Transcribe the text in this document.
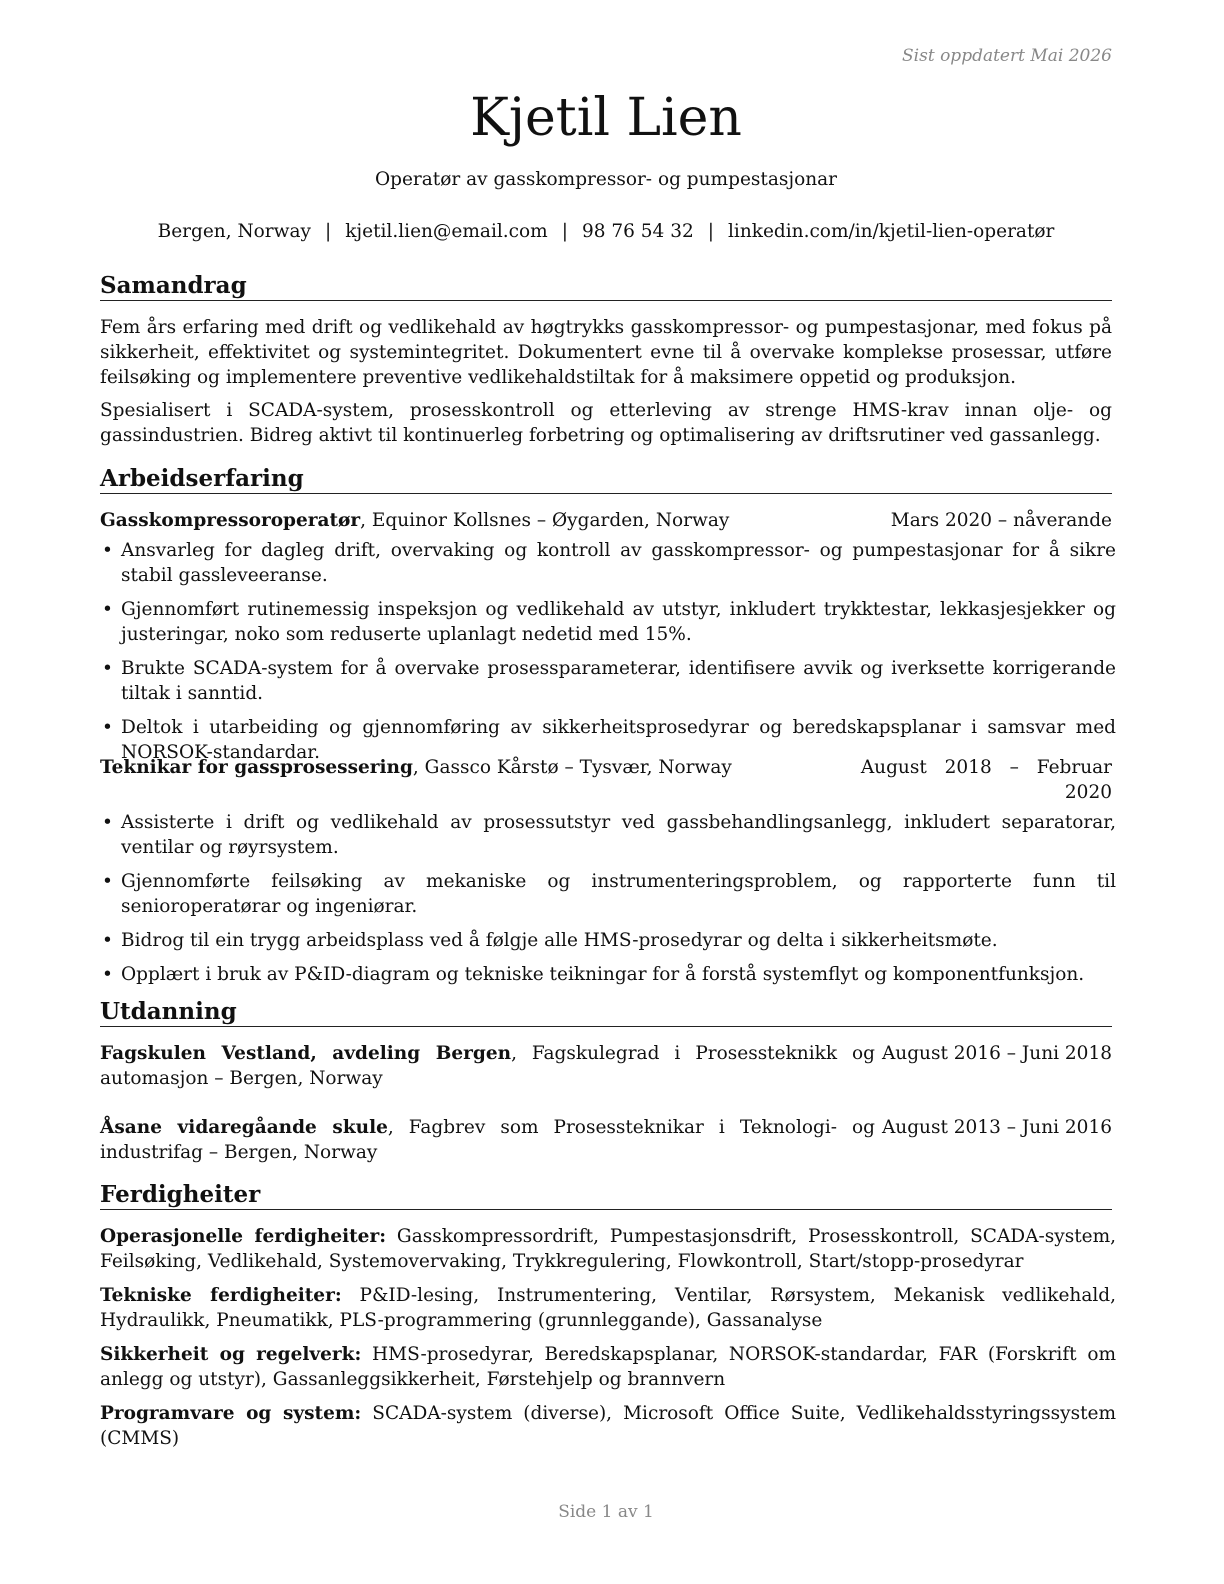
Sist oppdatert Mai 2026
Kjetil Lien
Operatør av gasskompressor- og pumpestasjonar
Bergen, Norway | kjetil.lien@email.com | 98 76 54 32 | linkedin.com/in/kjetil-lien-operatør
Samandrag

Fem års erfaring med drift og vedlikehald av høgtrykks gasskompressor- og pumpestasjonar, med fokus på sikkerheit, effektivitet og systemintegritet. Dokumentert evne til å overvake komplekse prosessar, utføre feilsøking og implementere preventive vedlikehaldstiltak for å maksimere oppetid og produksjon.

Spesialisert i SCADA-system, prosesskontroll og etterleving av strenge HMS-krav innan olje- og gassindustrien. Bidreg aktivt til kontinuerleg forbetring og optimalisering av driftsrutiner ved gassanlegg.

Arbeidserfaring
Gasskompressoroperatør, Equinor Kollsnes – Øygarden, Norway	Mars 2020 – nåverande
• Ansvarleg for dagleg drift, overvaking og kontroll av gasskompressor- og pumpestasjonar for å sikre stabil gassleveeranse.
• Gjennomført rutinemessig inspeksjon og vedlikehald av utstyr, inkludert trykktestar, lekkasjesjekker og justeringar, noko som reduserte uplanlagt nedetid med 15%.
• Brukte SCADA-system for å overvake prosessparameterar, identifisere avvik og iverksette korrigerande tiltak i sanntid.
• Deltok i utarbeiding og gjennomføring av sikkerheitsprosedyrar og beredskapsplanar i samsvar med NORSOK-standardar.
Teknikar for gassprosessering, Gassco Kårstø – Tysvær, Norway	August 2018 – Februar
2020
• Assisterte i drift og vedlikehald av prosessutstyr ved gassbehandlingsanlegg, inkludert separatorar, ventilar og røyrsystem.
• Gjennomførte feilsøking av mekaniske og instrumenteringsproblem, og rapporterte funn til senioroperatørar og ingeniørar.
• Bidrog til ein trygg arbeidsplass ved å følgje alle HMS-prosedyrar og delta i sikkerheitsmøte.
• Opplært i bruk av P&ID-diagram og tekniske teikningar for å forstå systemflyt og komponentfunksjon.
Utdanning
Fagskulen Vestland, avdeling Bergen, Fagskulegrad i Prosessteknikk og automasjon – Bergen, Norway
August 2016 – Juni 2018
Åsane vidaregåande skule, Fagbrev som Prosessteknikar i Teknologi- og industrifag – Bergen, Norway
August 2013 – Juni 2016
Ferdigheiter

Operasjonelle ferdigheiter: Gasskompressordrift, Pumpestasjonsdrift, Prosesskontroll, SCADA-system, Feilsøking, Vedlikehald, Systemovervaking, Trykkregulering, Flowkontroll, Start/stopp-prosedyrar

Tekniske ferdigheiter: P&ID-lesing, Instrumentering, Ventilar, Rørsystem, Mekanisk vedlikehald, Hydraulikk, Pneumatikk, PLS-programmering (grunnleggande), Gassanalyse

Sikkerheit og regelverk: HMS-prosedyrar, Beredskapsplanar, NORSOK-standardar, FAR (Forskrift om anlegg og utstyr), Gassanleggsikkerheit, Førstehjelp og brannvern

Programvare og system: SCADA-system (diverse), Microsoft Office Suite, Vedlikehaldsstyringssystem (CMMS)

Side 1 av 1
